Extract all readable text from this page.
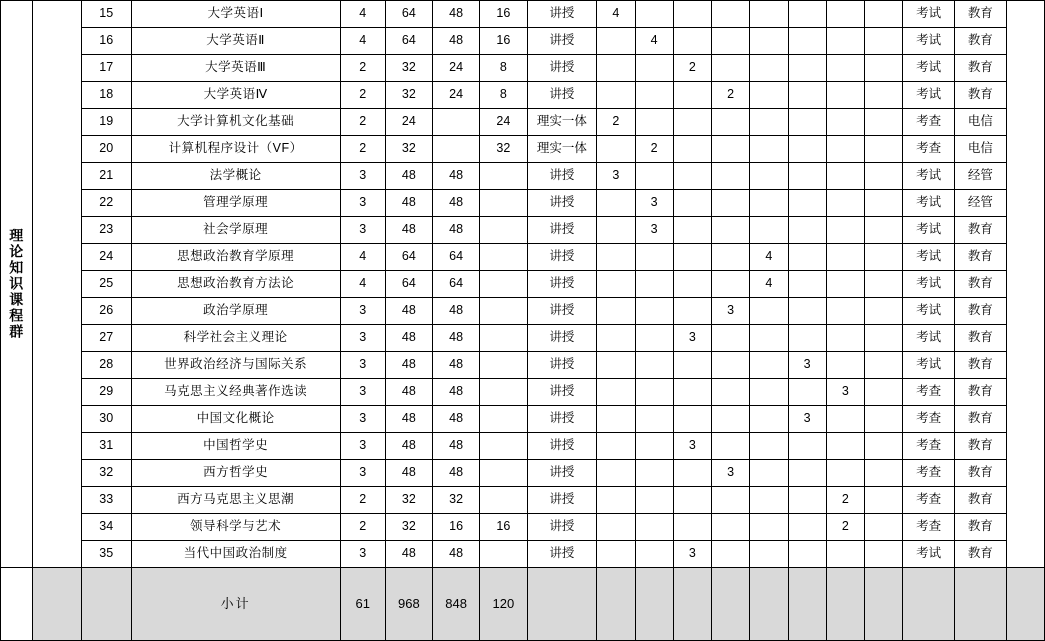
理论知识课程群		15	大学英语Ⅰ	4	64	48	16	讲授	4								考试	教育	
		16	大学英语Ⅱ	4	64	48	16	讲授		4							考试	教育	
		17	大学英语Ⅲ	2	32	24	8	讲授			2						考试	教育	
		18	大学英语Ⅳ	2	32	24	8	讲授				2					考试	教育	
		19	大学计算机文化基础	2	24		24	理实一体	2								考查	电信	
		20	计算机程序设计（VF）	2	32		32	理实一体		2							考查	电信	
		21	法学概论	3	48	48		讲授	3								考试	经管	
		22	管理学原理	3	48	48		讲授		3							考试	经管	
		23	社会学原理	3	48	48		讲授		3							考试	教育	
		24	思想政治教育学原理	4	64	64		讲授					4				考试	教育	
		25	思想政治教育方法论	4	64	64		讲授					4				考试	教育	
		26	政治学原理	3	48	48		讲授				3					考试	教育	
		27	科学社会主义理论	3	48	48		讲授			3						考试	教育	
		28	世界政治经济与国际关系	3	48	48		讲授						3			考试	教育	
		29	马克思主义经典著作选读	3	48	48		讲授							3		考查	教育	
		30	中国文化概论	3	48	48		讲授						3			考查	教育	
		31	中国哲学史	3	48	48		讲授			3						考查	教育	
		32	西方哲学史	3	48	48		讲授				3					考查	教育	
		33	西方马克思主义思潮	2	32	32		讲授							2		考查	教育	
		34	领导科学与艺术	2	32	16	16	讲授							2		考查	教育	
		35	当代中国政治制度	3	48	48		讲授			3						考试	教育	
			小计	61	968	848	120												
